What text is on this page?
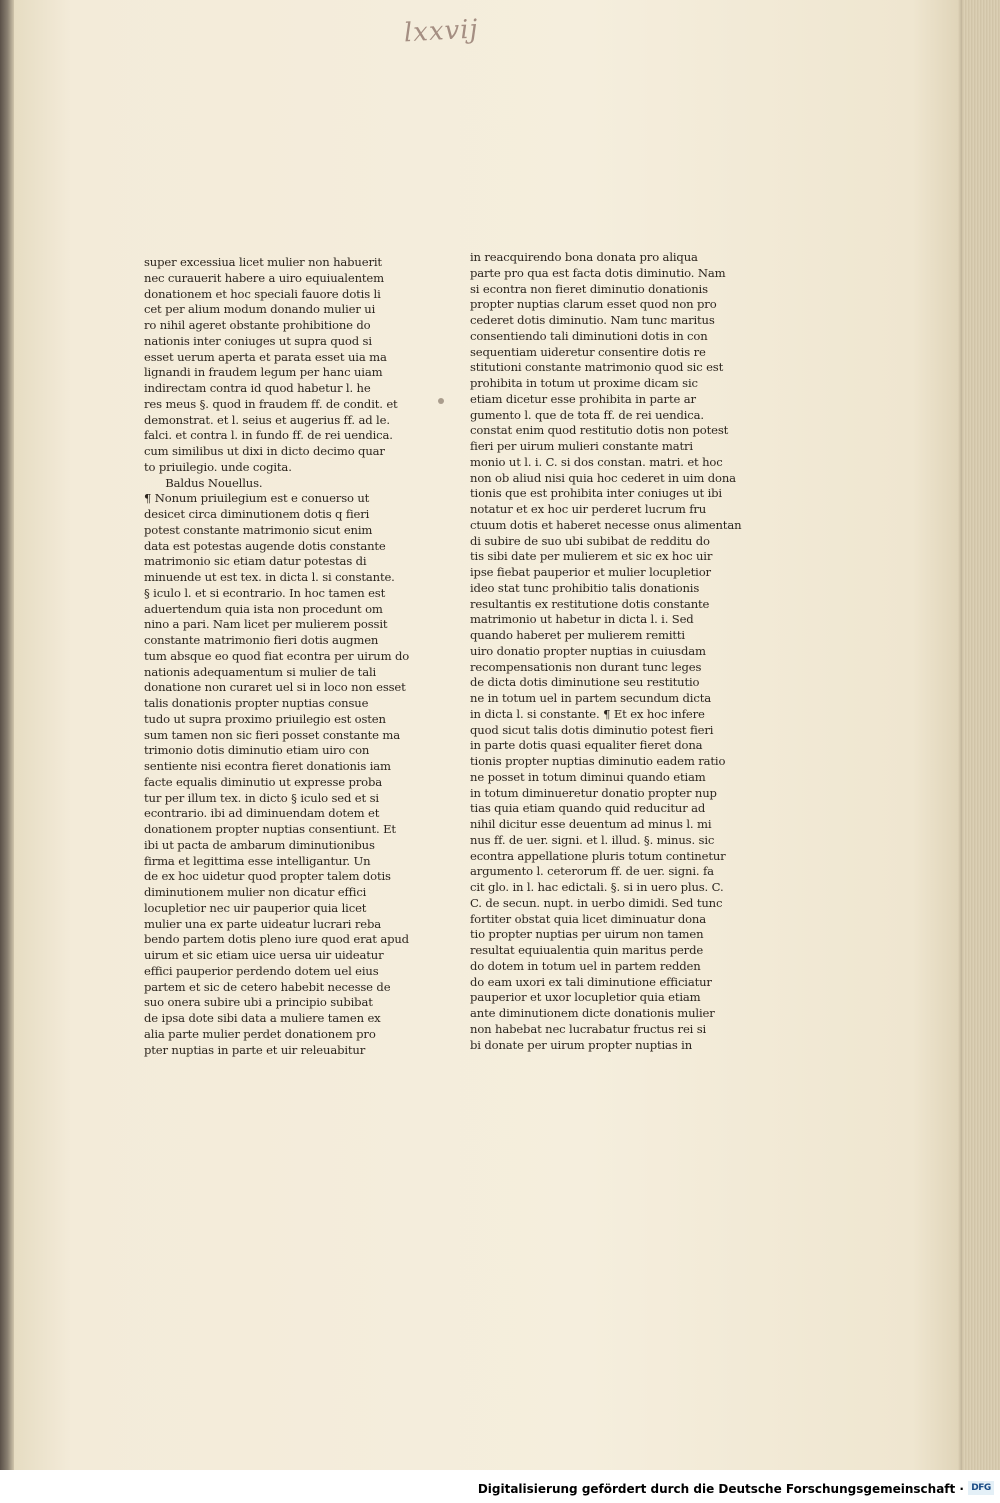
lxxvij
super excessiua licet mulier non habuerit
nec curauerit habere a uiro equiualentem
donationem et hoc speciali fauore dotis li
cet per alium modum donando mulier ui
ro nihil ageret obstante prohibitione do
nationis inter coniuges ut supra quod si
esset uerum aperta et parata esset uia ma
lignandi in fraudem legum per hanc uiam
indirectam contra id quod habetur l. he
res meus §. quod in fraudem ff. de condit. et
demonstrat. et l. seius et augerius ff. ad le.
falci. et contra l. in fundo ff. de rei uendica.
cum similibus ut dixi in dicto decimo quar
to priuilegio. unde cogita.
Baldus Nouellus.
¶ Nonum priuilegium est e conuerso ut
desicet circa diminutionem dotis q fieri
potest constante matrimonio sicut enim
data est potestas augende dotis constante
matrimonio sic etiam datur potestas di
minuende ut est tex. in dicta l. si constante.
§ iculo l. et si econtrario. In hoc tamen est
aduertendum quia ista non procedunt om
nino a pari. Nam licet per mulierem possit
constante matrimonio fieri dotis augmen
tum absque eo quod fiat econtra per uirum do
nationis adequamentum si mulier de tali
donatione non curaret uel si in loco non esset
talis donationis propter nuptias consue
tudo ut supra proximo priuilegio est osten
sum tamen non sic fieri posset constante ma
trimonio dotis diminutio etiam uiro con
sentiente nisi econtra fieret donationis iam
facte equalis diminutio ut expresse proba
tur per illum tex. in dicto § iculo sed et si
econtrario. ibi ad diminuendam dotem et
donationem propter nuptias consentiunt. Et
ibi ut pacta de ambarum diminutionibus
firma et legittima esse intelligantur. Un
de ex hoc uidetur quod propter talem dotis
diminutionem mulier non dicatur effici
locupletior nec uir pauperior quia licet
mulier una ex parte uideatur lucrari reba
bendo partem dotis pleno iure quod erat apud
uirum et sic etiam uice uersa uir uideatur
effici pauperior perdendo dotem uel eius
partem et sic de cetero habebit necesse de
suo onera subire ubi a principio subibat
de ipsa dote sibi data a muliere tamen ex
alia parte mulier perdet donationem pro
pter nuptias in parte et uir releuabitur
in reacquirendo bona donata pro aliqua
parte pro qua est facta dotis diminutio. Nam
si econtra non fieret diminutio donationis
propter nuptias clarum esset quod non pro
cederet dotis diminutio. Nam tunc maritus
consentiendo tali diminutioni dotis in con
sequentiam uideretur consentire dotis re
stitutioni constante matrimonio quod sic est
prohibita in totum ut proxime dicam sic
etiam dicetur esse prohibita in parte ar
gumento l. que de tota ff. de rei uendica.
constat enim quod restitutio dotis non potest
fieri per uirum mulieri constante matri
monio ut l. i. C. si dos constan. matri. et hoc
non ob aliud nisi quia hoc cederet in uim dona
tionis que est prohibita inter coniuges ut ibi
notatur et ex hoc uir perderet lucrum fru
ctuum dotis et haberet necesse onus alimentan
di subire de suo ubi subibat de redditu do
tis sibi date per mulierem et sic ex hoc uir
ipse fiebat pauperior et mulier locupletior
ideo stat tunc prohibitio talis donationis
resultantis ex restitutione dotis constante
matrimonio ut habetur in dicta l. i. Sed
quando haberet per mulierem remitti
uiro donatio propter nuptias in cuiusdam
recompensationis non durant tunc leges
de dicta dotis diminutione seu restitutio
ne in totum uel in partem secundum dicta
in dicta l. si constante. ¶ Et ex hoc infere
quod sicut talis dotis diminutio potest fieri
in parte dotis quasi equaliter fieret dona
tionis propter nuptias diminutio eadem ratio
ne posset in totum diminui quando etiam
in totum diminueretur donatio propter nup
tias quia etiam quando quid reducitur ad
nihil dicitur esse deuentum ad minus l. mi
nus ff. de uer. signi. et l. illud. §. minus. sic
econtra appellatione pluris totum continetur
argumento l. ceterorum ff. de uer. signi. fa
cit glo. in l. hac edictali. §. si in uero plus. C.
C. de secun. nupt. in uerbo dimidi. Sed tunc
fortiter obstat quia licet diminuatur dona
tio propter nuptias per uirum non tamen
resultat equiualentia quin maritus perde
do dotem in totum uel in partem redden
do eam uxori ex tali diminutione efficiatur
pauperior et uxor locupletior quia etiam
ante diminutionem dicte donationis mulier
non habebat nec lucrabatur fructus rei si
bi donate per uirum propter nuptias in
Digitalisierung gefördert durch die Deutsche Forschungsgemeinschaft · DFG
